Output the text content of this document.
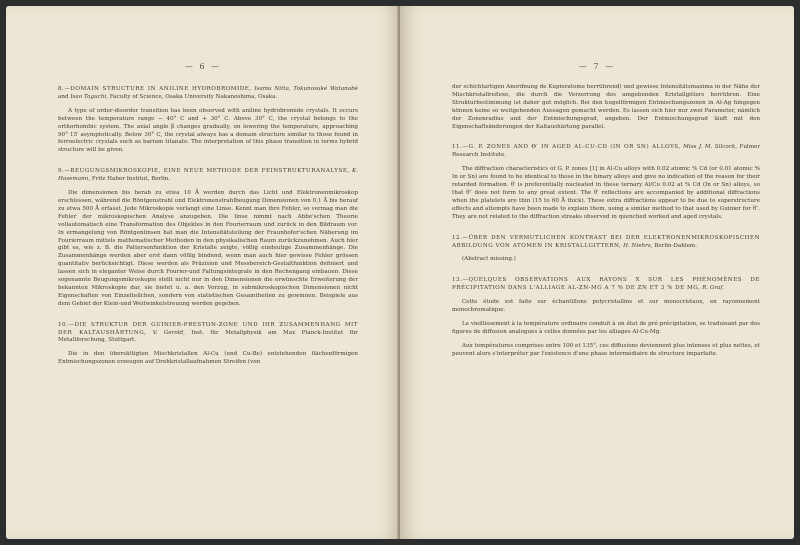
— 6 —

8.—DOMAIN STRUCTURE IN ANILINE HYDROBROMIDE, Isamu Nitta, Tokunosuké Watanabé and Isao Taguchi, Faculty of Science, Osaka University Nakanoshima, Osaka.

A type of order-disorder transition has been observed with aniline hydrobromide crystals. It occurs between the temperature range − 40° C and + 30° C. Above 30° C, the crystal belongs to the orthorhombic system. The axial angle β changes gradually, on lowering the temperature, approaching 90° 15′ asymptotically. Below 30° C, the crystal always has a domain structure similar to those found in ferroelectric crystals such as barium titanate. The interpretation of this phase transition in terms hybrid structure will be given.

9.—BEUGUNGSMIKROSKOPIE, EINE NEUE METHODE DER FEINSTRUKTURANALYSE, K. Hosemann, Fritz Haber Institut, Berlin.

Die dimensionen bis herab zu etwa 10 Å werden durch das Licht und Elektronenmikroskop erschlossen, während die Röntgenstrahl und Elektronenstrahlbeugung Dimensionen von 0,1 Å bis herauf zu etwa 500 Å erfasst. Jede Mikroskopie verlangt eine Linse. Kennt man ihre Fehler, so vermag man die Fehler der mikroskopischen Analyse anzugeben. Die linse nimmt nach Abbe'schen Theorie vollautomatisch eine Transformation des Objektes in den Fourierraum und zurück in den Bildraum vor. In ermangelung von Röntgenlinsen hat man die Intensitätsteilung der Fraunhofer'schen Näherung im Fourierraum mittels mathematischer Methoden in den physikalischen Raum zurückzunehmen. Auch hier gibt es, wie z. B. die Pattersonfunktion der Kristalle zeigte, völlig eindeutige Zusammenhänge. Die Zusammenhänge werden aber erst dann völlig bindend, wenn man auch hier gewisse Fehler grössen quantitativ berücksichtigt. Diese werden als Präzision und Messbereich-Gestaltfunktion definiert und lassen sich in eleganter Weise durch Fourier-und Faltungsintegrale in den Rechengang einbauen. Diese sogenannte Beugungsmikroskopie stellt nicht nur in den Dimensionen die erwünschte Erweiterung der bekannten Mikroskopie dar, sie bietet u. a. den Vorzug, in submikroskopischen Dimensionen nicht Eigenschaften von Einzelteilchen, sondern von statistischen Gesamtheiten zu gewinnen. Beispiele aus dem Gebiet der Klein-und Weitwinkelstreuung werden gegeben.

10.—DIE STRUKTUR DER GUINIER-PRESTON-ZONE UND IHR ZUSAMMENHANG MIT DER KALTAUSHÄRTUNG, V. Gerold, Inst. für Metallphysik am Max Planck-Institut für Metallforschung, Stuttgart.

Die in den übersättigten Mischkristallen Al-Cu (und Cu-Be) entstehenden flächenförmigen Entmischungszonen erzeugen auf Drehkristallaufnahmen Streifen (von

— 7 —

der schichtartigen Anordnung de Kupieratome herrührend) und gewisse Intensitätsmaxima in der Nähe der Mischkristallreflexe, die durch die Verzerrung des umgebenden Kristallgitters herrühren. Eine Strukturbestimmung ist daher gut möglich. Bei den kugelförmigen Entmischungszonen in Al-Ag hingegen können keine so weitgehenden Aussagen gemacht werden. Es lassen sich hier nur zwei Parameter, nämlich der Zonenradius und der Entmischungsgrad, angeben. Der Entmischungsgrad läuft mit den Eigenschaftsänderungen der Kaltaushärtung parallel.

11.—G. P. ZONES AND Θ′ IN AGED AL-CU-CD (IN OR SN) ALLOYS, Miss J. M. Silcock, Fulmer Research Institute.

The diffraction characteristics of G. P. zones [1] in Al-Cu alloys with 0.02 atomic % Cd (or 0.01 atomic % In or Sn) are found to be identical to those in the binary alloys and give no indication of the reason for their retarded formation. θ′ is preferentially nucleated in these ternary Al/Cu 0.02 at % Cd (In or Sn) alloys, so that θ″ does not form to any great extent. The θ′ reflections are accompanied by additional diffractions when the platelets are thin (15 to 60 Å thick). These extra diffractions appear to be due to superstructure effects and attempts have been made to explain them, using a similar method to that used by Guinier for θ″. They are not related to the diffraction streaks observed in quenched worked and aged crystals.

12.—ÜBER DEN VERMUTLICHEN KONTRAST BEI DER ELEKTRONENMIKROSKOPISCHEN ABBILDUNG VON ATOMEN IN KRISTALLGITTERN, H. Niehrs, Berlin-Dahlem.

(Abstract missing.)

13.—QUELQUES OBSERVATIONS AUX RAYONS X SUR LES PHÉNOMÈNES DE PRÉCIPITATION DANS L'ALLIAGE AL-ZN-MG A 7 % DE ZN ET 3 % DE MG, R. Graf.

Cette étude est faite sur échantillons polycristallins et sur monocristaux, en rayonnement monochromatique.

Le vieillissement à la température ordinaire conduit à un état de pré-précipitation, se traduisant par des figures de diffusion analogues à celles données par les alliages Al-Cu-Mg.

Aux températures comprises entre 100 et 135°, ces diffusions deviennent plus intenses et plus nettes, et peuvent alors s'interpréter par l'existence d'une phase intermédiaire de structure imparfaite.
